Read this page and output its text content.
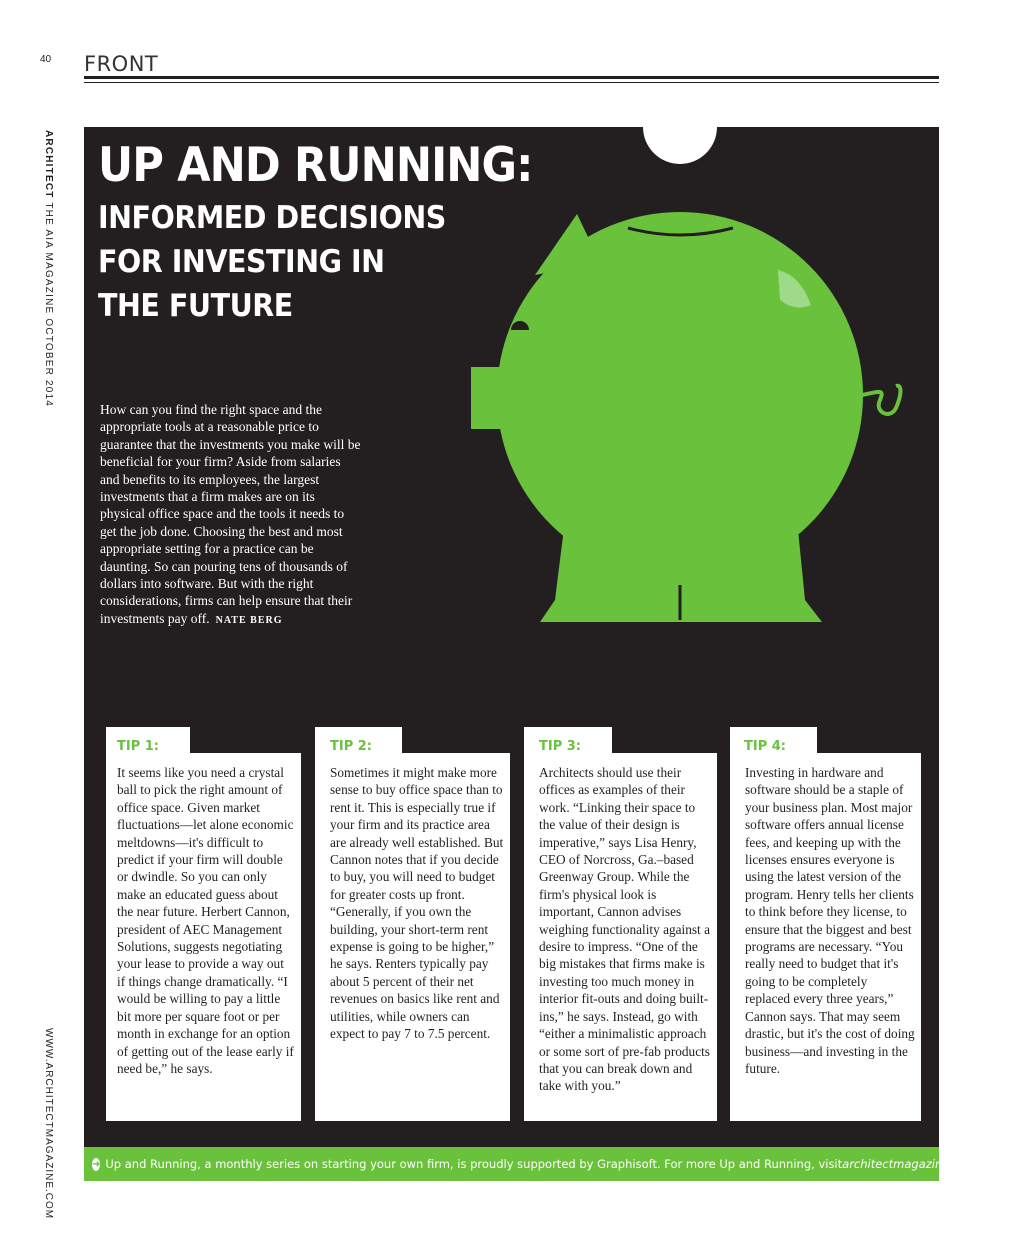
40 FRONT
ARCHITECT THE AIA MAGAZINE OCTOBER 2014
WWW.ARCHITECTMAGAZINE.COM
UP AND RUNNING:
INFORMED DECISIONS
FOR INVESTING IN
THE FUTURE
How can you find the right space and the appropriate tools at a reasonable price to guarantee that the investments you make will be beneficial for your firm? Aside from salaries and benefits to its employees, the largest investments that a firm makes are on its physical office space and the tools it needs to get the job done. Choosing the best and most appropriate setting for a practice can be daunting. So can pouring tens of thousands of dollars into software. But with the right considerations, firms can help ensure that their investments pay off. NATE BERG
TIP 1:
It seems like you need a crystal ball to pick the right amount of office space. Given market fluctuations—let alone economic meltdowns—it's difficult to predict if your firm will double or dwindle. So you can only make an educated guess about the near future. Herbert Cannon, president of AEC Management Solutions, suggests negotiating your lease to provide a way out if things change dramatically. “I would be willing to pay a little bit more per square foot or per month in exchange for an option of getting out of the lease early if need be,” he says.
TIP 2:
Sometimes it might make more sense to buy office space than to rent it. This is especially true if your firm and its practice area are already well established. But Cannon notes that if you decide to buy, you will need to budget for greater costs up front. “Generally, if you own the building, your short-term rent expense is going to be higher,” he says. Renters typically pay about 5 percent of their net revenues on basics like rent and utilities, while owners can expect to pay 7 to 7.5 percent.
TIP 3:
Architects should use their offices as examples of their work. “Linking their space to the value of their design is imperative,” says Lisa Henry, CEO of Norcross, Ga.–based Greenway Group. While the firm's physical look is important, Cannon advises weighing functionality against a desire to impress. “One of the big mistakes that firms make is investing too much money in interior fit-outs and doing built-ins,” he says. Instead, go with “either a minimalistic approach or some sort of pre-fab products that you can break down and take with you.”
TIP 4:
Investing in hardware and software should be a staple of your business plan. Most major software offers annual license fees, and keeping up with the licenses ensures everyone is using the latest version of the program. Henry tells her clients to think before they license, to ensure that the biggest and best programs are necessary. “You really need to budget that it's going to be completely replaced every three years,” Cannon says. That may seem drastic, but it's the cost of doing business—and investing in the future.
➜ Up and Running, a monthly series on starting your own firm, is proudly supported by Graphisoft. For more Up and Running, visit architectmagazine.com .
